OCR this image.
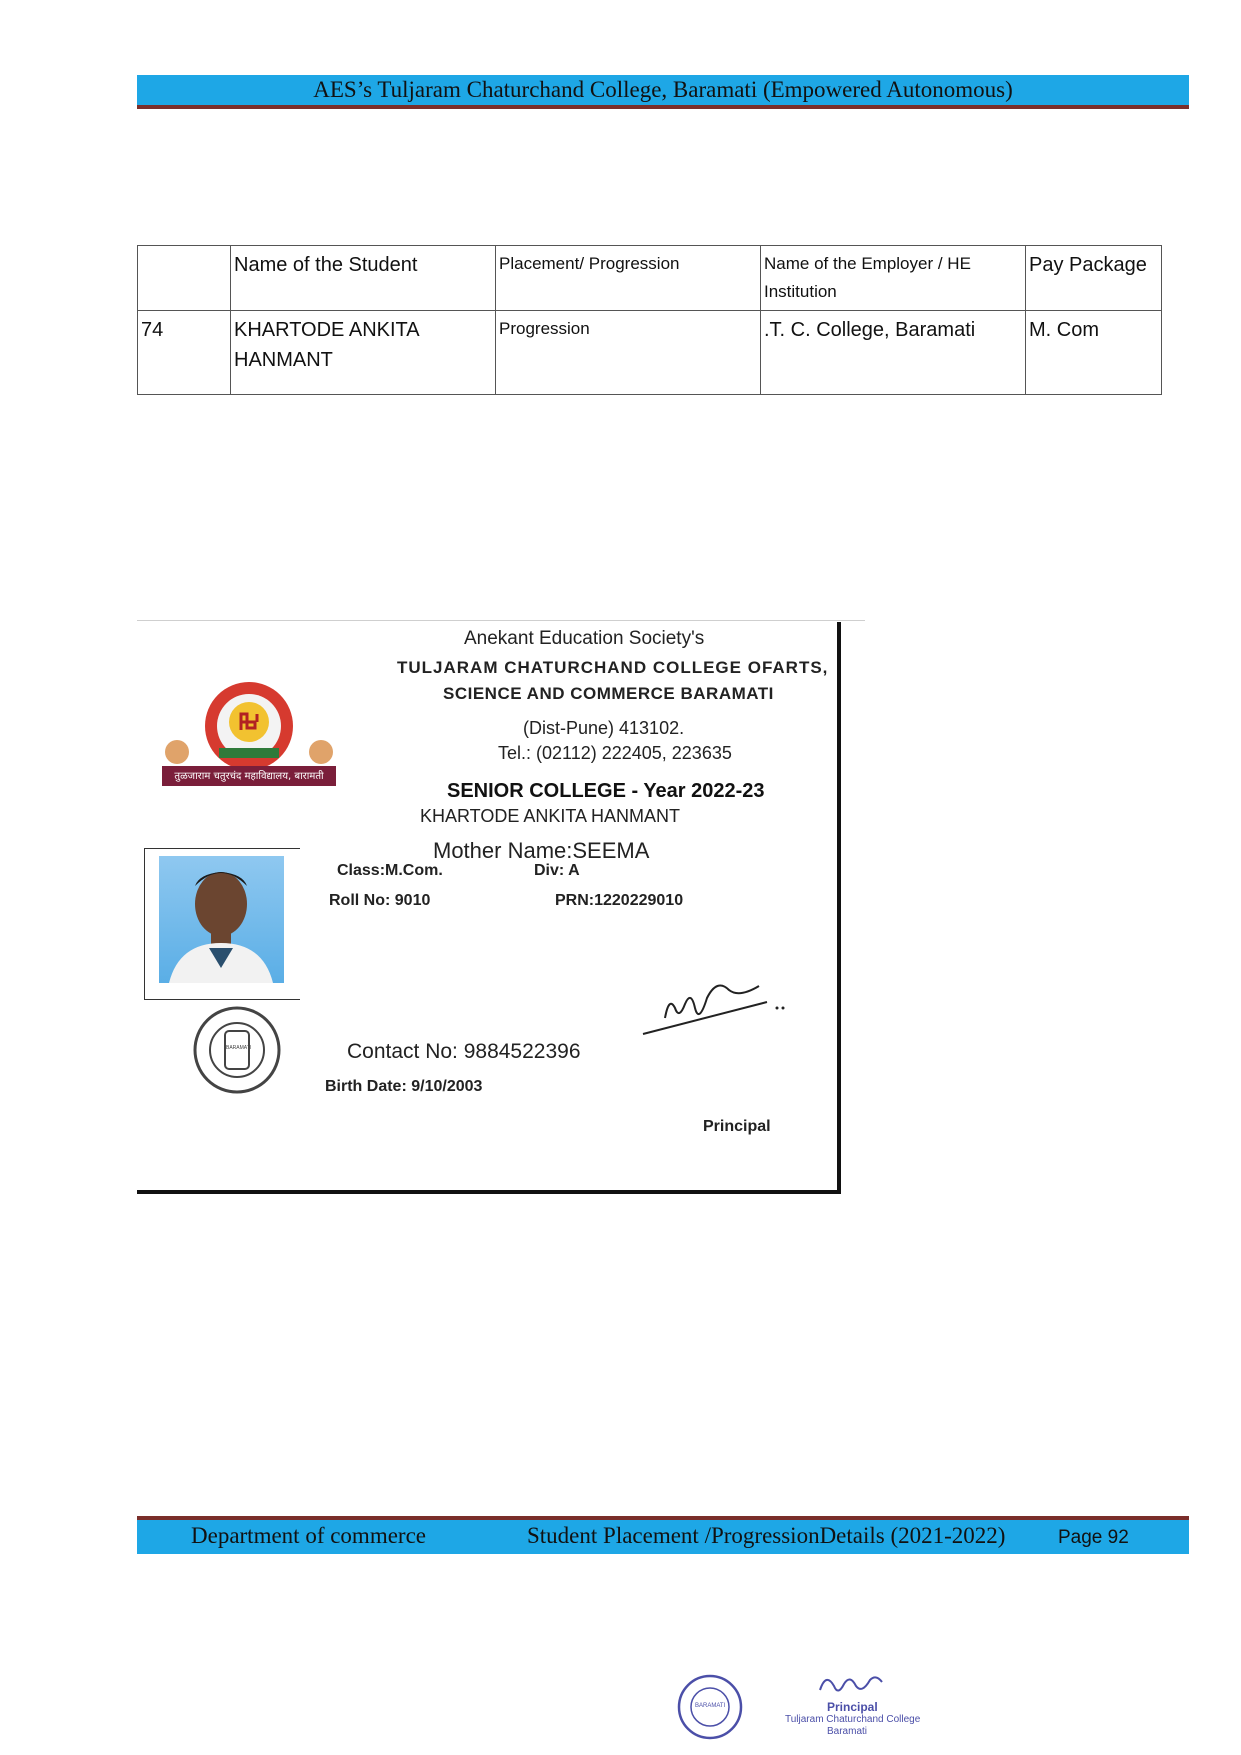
AES’s Tuljaram Chaturchand College, Baramati (Empowered Autonomous)
	Name of the Student	Placement/ Progression	Name of the Employer / HE Institution	Pay Package
74	KHARTODE ANKITA HANMANT	Progression	.T. C. College, Baramati	M. Com
तुळजाराम चतुरचंद महाविद्यालय, बारामती
Anekant Education Society's
TULJARAM CHATURCHAND COLLEGE OFARTS,
SCIENCE AND COMMERCE BARAMATI
(Dist-Pune) 413102.
Tel.: (02112) 222405, 223635
SENIOR COLLEGE - Year 2022-23
KHARTODE ANKITA HANMANT
Mother Name:SEEMA
Class:M.Com.	Div: A
Roll No: 9010	PRN:1220229010
BARAMATI	Contact No: 9884522396
Birth Date: 9/10/2003
Principal
Department of commerce	Student Placement /ProgressionDetails (2021-2022)	Page 92
BARAMATI	Principal
Tuljaram Chaturchand College
Baramati
